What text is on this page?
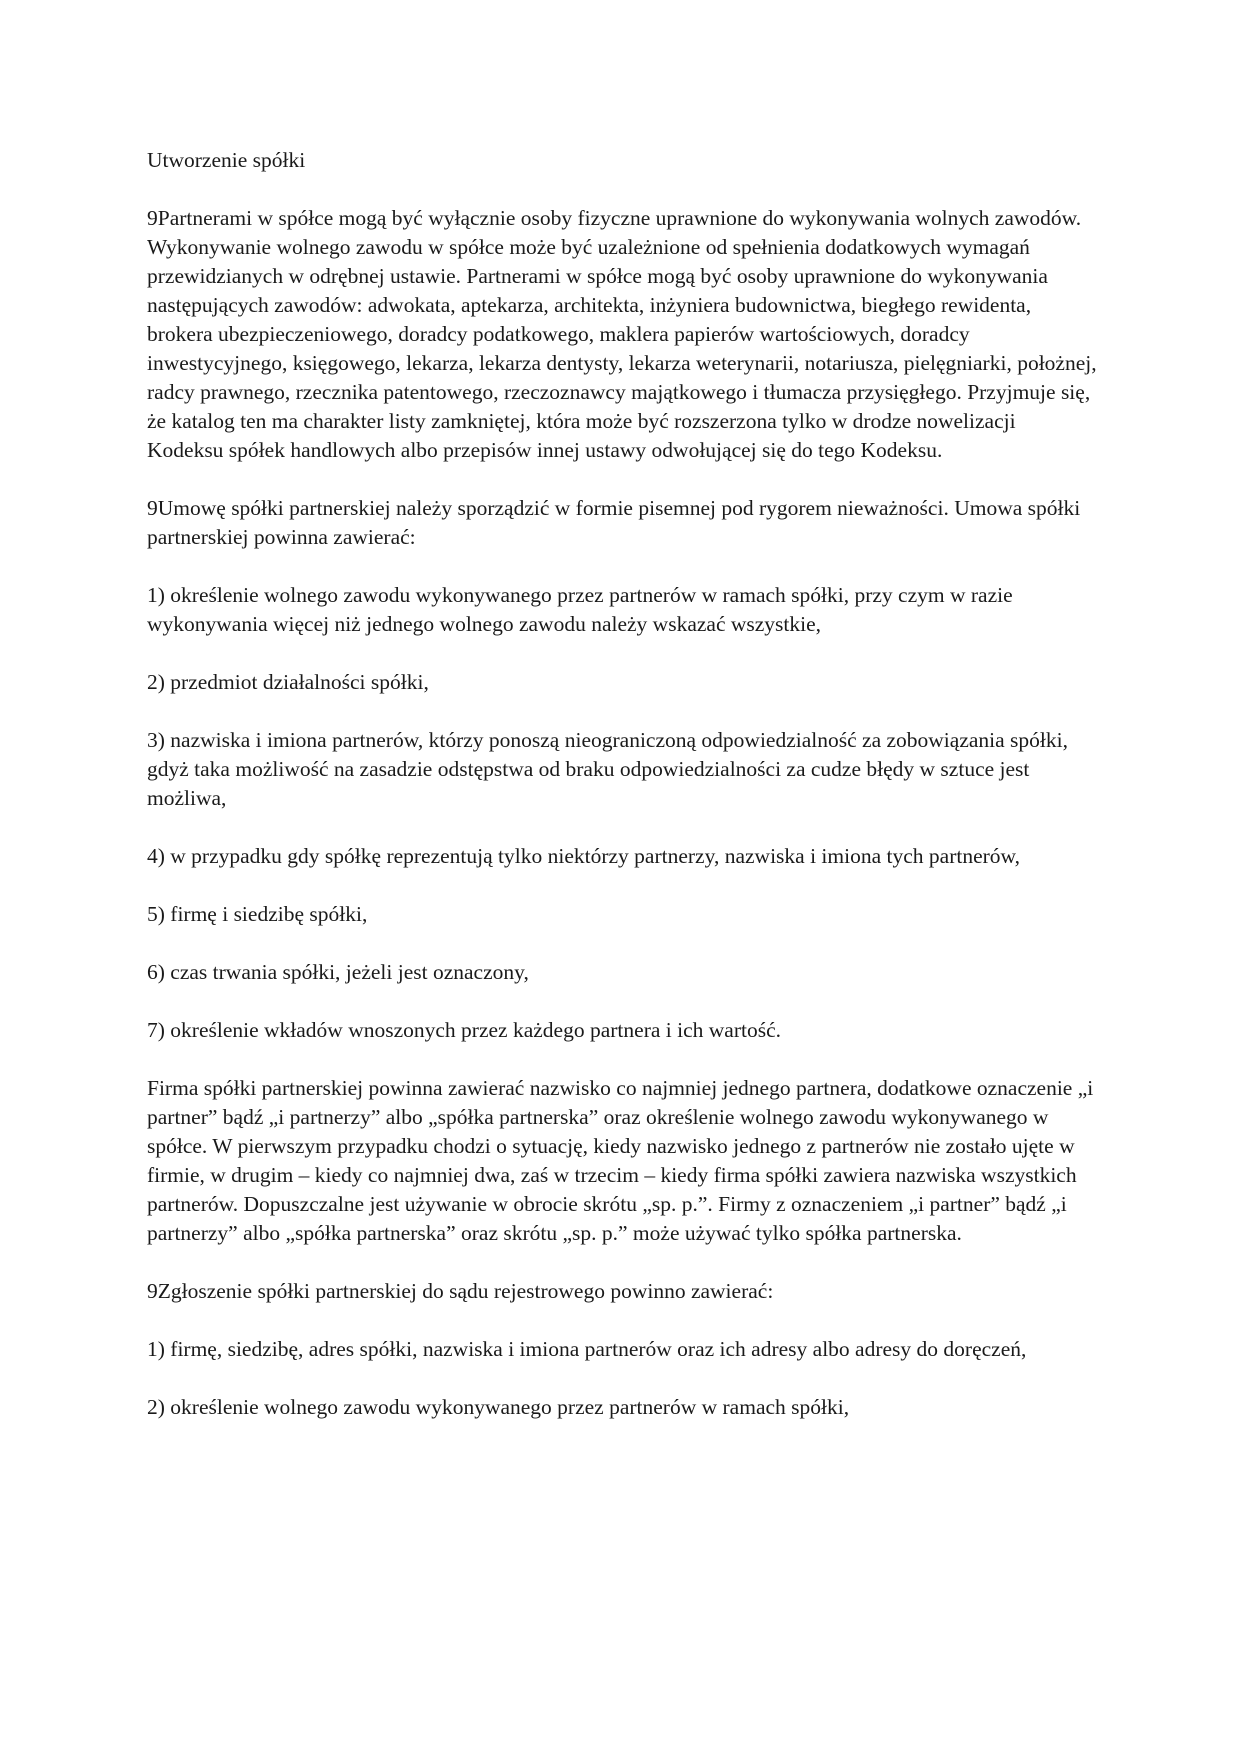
Utworzenie spółki

9Partnerami w spółce mogą być wyłącznie osoby fizyczne uprawnione do wykonywania wolnych zawodów. Wykonywanie wolnego zawodu w spółce może być uzależnione od spełnienia dodatkowych wymagań przewidzianych w odrębnej ustawie. Partnerami w spółce mogą być osoby uprawnione do wykonywania następujących zawodów: adwokata, aptekarza, architekta, inżyniera budownictwa, biegłego rewidenta, brokera ubezpieczeniowego, doradcy podatkowego, maklera papierów wartościowych, doradcy inwestycyjnego, księgowego, lekarza, lekarza dentysty, lekarza weterynarii, notariusza, pielęgniarki, położnej, radcy prawnego, rzecznika patentowego, rzeczoznawcy majątkowego i tłumacza przysięgłego. Przyjmuje się, że katalog ten ma charakter listy zamkniętej, która może być rozszerzona tylko w drodze nowelizacji Kodeksu spółek handlowych albo przepisów innej ustawy odwołującej się do tego Kodeksu.

9Umowę spółki partnerskiej należy sporządzić w formie pisemnej pod rygorem nieważności. Umowa spółki partnerskiej powinna zawierać:

1) określenie wolnego zawodu wykonywanego przez partnerów w ramach spółki, przy czym w razie wykonywania więcej niż jednego wolnego zawodu należy wskazać wszystkie,

2) przedmiot działalności spółki,

3) nazwiska i imiona partnerów, którzy ponoszą nieograniczoną odpowiedzialność za zobowiązania spółki, gdyż taka możliwość na zasadzie odstępstwa od braku odpowiedzialności za cudze błędy w sztuce jest możliwa,

4) w przypadku gdy spółkę reprezentują tylko niektórzy partnerzy, nazwiska i imiona tych partnerów,

5) firmę i siedzibę spółki,

6) czas trwania spółki, jeżeli jest oznaczony,

7) określenie wkładów wnoszonych przez każdego partnera i ich wartość.

Firma spółki partnerskiej powinna zawierać nazwisko co najmniej jednego partnera, dodatkowe oznaczenie „i partner” bądź „i partnerzy” albo „spółka partnerska” oraz określenie wolnego zawodu wykonywanego w spółce. W pierwszym przypadku chodzi o sytuację, kiedy nazwisko jednego z partnerów nie zostało ujęte w firmie, w drugim – kiedy co najmniej dwa, zaś w trzecim – kiedy firma spółki zawiera nazwiska wszystkich partnerów. Dopuszczalne jest używanie w obrocie skrótu „sp. p.”. Firmy z oznaczeniem „i partner” bądź „i partnerzy” albo „spółka partnerska” oraz skrótu „sp. p.” może używać tylko spółka partnerska.

9Zgłoszenie spółki partnerskiej do sądu rejestrowego powinno zawierać:

1) firmę, siedzibę, adres spółki, nazwiska i imiona partnerów oraz ich adresy albo adresy do doręczeń,

2) określenie wolnego zawodu wykonywanego przez partnerów w ramach spółki,
